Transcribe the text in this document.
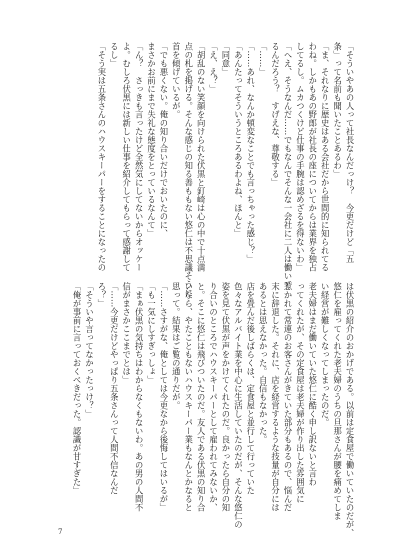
「そういやあの人って社長なんだっけ？　今更だけど「五
条」って名前も聞いたことあるわ」
「ま、それなりに歴史はある会社だから世間的に知られてる
わね。しかもあの野郎が社長の座についてからは業界を独占
してるし。ムカつくけど仕事の手腕は認めざるを得ないわ」
「へえ、そうなんだ……でもなんでそんな一会社に二人は働いて
るんだろう？　すげえな、尊敬する」
「……」
「……あれ、なんか頓変なことでも言っちゃった感じ？」
「あんたってそういうところあるわよね、ほんと」
「同意」
「え、え？」
「胡乱のない笑顔を向けられた伏黒と釘崎は心の中で十点満
点の札を掲げる。そんな感じの知る善ももない悠仁は不思議そうに
首を傾げているが。
「でも悪くない。俺の知り合いだけでおいたのに、
まさかお前にまで失礼な態度をとっているなんて」
「ん？　さっきも言ったけど全然気にしてないからオッケー
よ。むしろ伏黒には新しい仕事を紹介してもらって感謝して
るし」
「そう実は五条さんのハウスキーパーをすることになったの
は伏黒の紹介のおかげである。以前は定食屋で働いていたのだが、
悠仁を雇ってくれた老夫婦のうちの旦那さんが腰を痛めてしま
い経営が難しくなってしまったのだ。
老夫婦はまだ働いていた悠仁に酷く申し訳ないと言わ
ってくれたが、その定食屋は老夫婦が作り出した雰囲気に
惹かれて常連のお客さんがきていた部分もあるので、悩んだ
末に辞退した。それに、店を経営するような技量が自分には
あるとは思えなかった。自信もなかった。
店を畳んだ後しばらくは、定食屋と並行して行っていた
色々なアルバイト業を中心に生活していたのだが、そんな悠仁の
姿を見て伏黒が声をかけてくれたのだ。良かったら自分の知
り合いのところでハウスキーパーとして雇われてみないか、
と。そこに悠仁は飛びついたのだ。友人である伏黒の知り合
いなら、やたこともないハウスキーパー業もなんとかなると
思って。結果はご覧の通りだが。
「……さすがな、俺としては今更なから後悔してはいるが」
「も一気にしすぎっしょ」
「まぁ伏黒の気持ちはわからなくもないわ。あの男の人間不
信がまさかここまでとは」
「……今更だけどやっぱり五条さんって人間不信なんだ
ろ？」
「そういや言ってなかったっけ？」
「俺が事前に言っておくべきだった。認識が甘すぎた」
7
